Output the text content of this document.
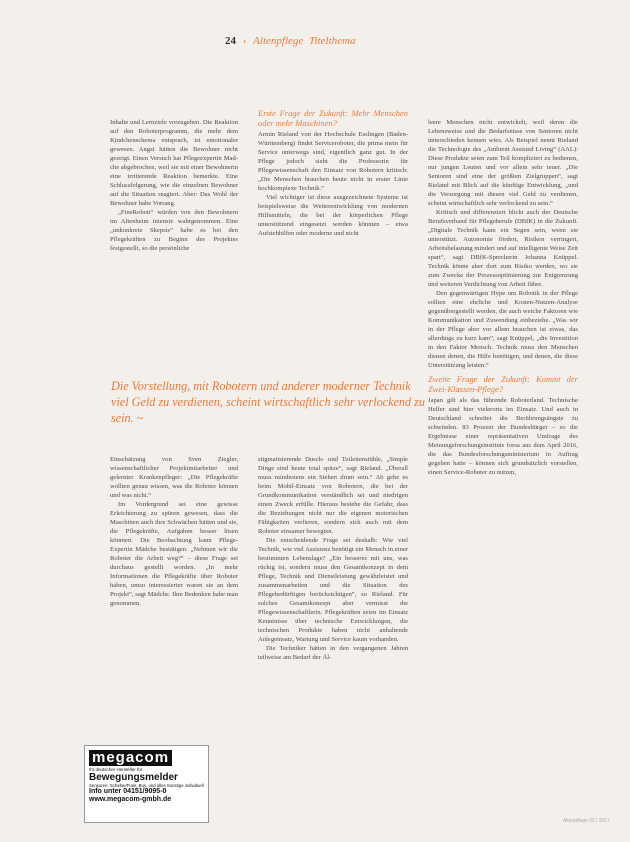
24 › Altenpflege Titelthema

Inhalte und Lernziele vorzugeben. Die Reaktion auf den Roboterprogramm, die mehr dem Kindchenschema entsprach, ist emotionaler gewesen. Angst hätten die Bewohner nicht gezeigt. Einen Versuch hat Pflegeexpertin Madche abgebrochen, weil sie mit einer Bewohnerin eine irritierende Reaktion bemerkte. Eine Schlussfolgerung, wie die einzelnen Bewohner auf die Situation reagiert. Aber: Das Wohl der Bewohner habe Vorrang.

„FineRoboti“ würden von den Bewohnern im Altenheim intensiv wahrgenommen. Eine „unkonkrete Skepsis“ habe es bei den Pflegekräften zu Beginn des Projektes festgestellt, so die persönliche

Erste Frage der Zukunft: Mehr Menschen oder mehr Maschinen?

Armin Rieland von der Hochschule Esslingen (Baden-Württemberg) findet Serviceroboter, die prima mein für Service unterwegs sind, eigentlich ganz gut. In der Pflege jedoch sieht die Professorin für Pflegewissenschaft den Einsatz von Robotern kritisch: „Die Menschen brauchen heute nicht in erster Linie hochkomplexe Technik.“

Viel wichtiger ist diese ausgezeichnete Systeme ist beispielsweise die Weiterentwicklung von modernen Hilfsmitteln, die bei der körperlichen Pflege unterstützend eingesetzt werden könnten – etwa Aufstehhilfen oder moderne und nicht

Die Vorstellung, mit Robotern und anderer moderner Technik viel Geld zu verdienen, scheint wirtschaftlich sehr verlockend zu sein. ~

Einschätzung von Sven Ziegler, wissenschaftlicher Projektmitarbeiter und gelernter Krankenpfleger: „Die Pflegekräfte wollten genau wissen, was die Roboter können und was nicht.“

Im Vordergrund sei eine gewisse Erleichterung zu spüren gewesen, dass die Maschinen auch ihre Schwächen hätten und sie, die Pflegekräfte, Aufgaben besser lösen könnten. Die Beobachtung kann Pflege-Expertin Mädche bestätigen. „Nehmen wir die Roboter die Arbeit weg?“ – diese Frage sei durchaus gestellt worden. „In mehr Informationen die Pflegekräfte über Roboter haben, umso interessierter waren sie an dem Projekt“, sagt Mädche. Ihre Bedenken habe man genommen.

stigmatisierende Dusch- und Toilettenstühle, „Simple Dinge sind heute total spitze“, sagt Rieland. „Überall muss mindestens ein Stehen drum sein.“ Ab gehe es beim Mobil-Einsatz von Robotern, die bei der Grundkommunikation verständlich sei und niedrigen einen Zweck erfülle. Hieraus bestehe die Gefahr, dass die Beziehungen nicht nur die eigenen motorischen Fähigkeiten verlieren, sondern sich auch mit dem Roboter einsamer bewegten.

Die entscheidende Frage sei deshalb: Wie viel Technik, wie viel Assistenz benötigt ein Mensch in einer bestimmten Lebenslage? „Ein besseres mit uns, was rückig ist, sondern muss den Gesamtkonzept in dem Pflege, Technik und Dienstleistung gewährleistet und zusammenarbeiten und die Situation des Pflegebedürftigen berücksichtigen“, so Rieland. Für solches Gesamtkonzept aber vermisst die Pflegewissenschaftlerin. Pflegekräften seien im Einsatz Kenntnisse über technische Entwicklungen, die technischen Produkte haben nicht anhaltende Anlegeinsatz, Wartung und Service kaum vorhanden.

Die Techniker hätten in den vergangenen Jahren teilweise am Bedarf der Äl-

leere Menschen nicht entwickelt, weil deren die Lebensweise und die Bedarfsnisse von Senioren nicht unterschieden kennen wies. Als Beispiel nennt Rieland die Technologie des „Ambient Assisted Living“ (AAL): Diese Produkte seien zum Teil kompliziert zu bedienen, nur jungen Leuten und vor allem sehr teuer. „Die Senioren sind eine der größten Zielgruppen“, sagt Rieland mit Blick auf die künftige Entwicklung, „und die Versorgung mit diesen viel Geld zu verdienen, scheint wirtschaftlich sehr verlockend zu sein.“

Kritisch und differenziert blickt auch der Deutsche Berufsverband für Pflegeberufe (DBfK) in die Zukunft. „Digitale Technik kann ein Segen sein, wenn sie unterstützt. Autonomie fördert, Risiken verringert, Arbeitsbelastung mindert und auf intelligente Weise Zeit spart“, sagt DBfK-Sprecherin Johanna Knüppel. Technik könne aber dort zum Risiko werden, wo sie zum Zwecke der Prozessoptimierung zur Entgrenzung und weiteren Verdichtung von Arbeit führe.

Den gegenwärtigen Hype um Robotik in der Pflege sollten eine ehrliche und Kosten-Nutzen-Analyse gegenübergestellt werden, die auch weiche Faktoren wie Kommunikation und Zuwendung einbeziehe. „Was wir in der Pflege aber vor allem brauchen ist etwas, das allerdings zu kurz kam“, sagt Knüppel, „die Investition in den Faktor Mensch. Technik muss den Menschen dienen denen, die Hilfe benötigen, und denen, die diese Unterstützung leisten.“

Zweite Frage der Zukunft: Kommt der Zwei-Klassen-Pflege?

Japan gilt als das führende Roboterland. Technische Helfer sind hier vielerorts im Einsatz. Und auch in Deutschland schreitet die Berührungsängste zu schwinden. 83 Prozent der Bundesbürger – so die Ergebnisse einer repräsentativen Umfrage des Meinungsforschungsinstituts forsa aus dem April 2016, die das Bundesforschungsministerium in Auftrag gegeben hatte – können sich grundsätzlich vorstellen, einen Service-Roboter zu nutzen,

megacom
Ihr deutscher Hersteller für
Bewegungsmelder
Sensoren, Schalter/Funk, Bus, und alles Sonstige individuell
Info unter 04151/9095-0
www.megacom-gmbh.de
Altenpflege 05 | 2017
